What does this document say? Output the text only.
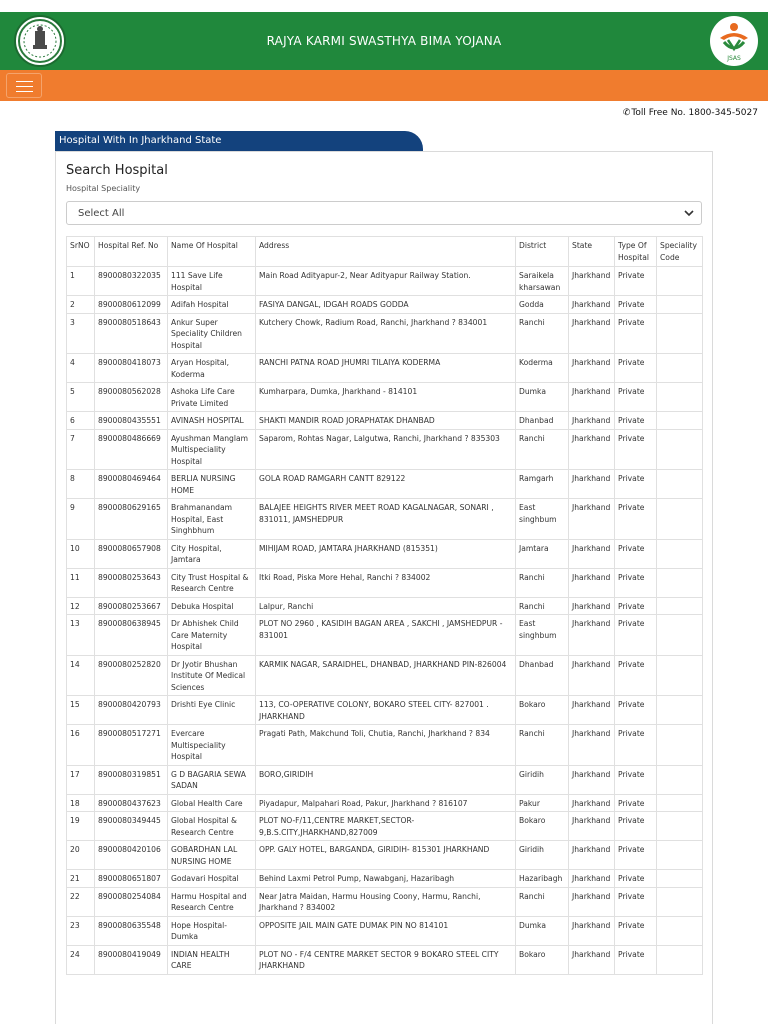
RAJYA KARMI SWASTHYA BIMA YOJANA
JSAS
✆Toll Free No. 1800-345-5027
Hospital With In Jharkhand State
Search Hospital
Hospital Speciality
Select All
SrNO	Hospital Ref. No	Name Of Hospital	Address	District	State	Type Of Hospital	Speciality Code
1	8900080322035	111 Save Life Hospital	Main Road Adityapur-2, Near Adityapur Railway Station.	Saraikela kharsawan	Jharkhand	Private	
2	8900080612099	Adifah Hospital	FASIYA DANGAL, IDGAH ROADS GODDA	Godda	Jharkhand	Private	
3	8900080518643	Ankur Super Speciality Children Hospital	Kutchery Chowk, Radium Road, Ranchi, Jharkhand ? 834001	Ranchi	Jharkhand	Private	
4	8900080418073	Aryan Hospital, Koderma	RANCHI PATNA ROAD JHUMRI TILAIYA KODERMA	Koderma	Jharkhand	Private	
5	8900080562028	Ashoka Life Care Private Limited	Kumharpara, Dumka, Jharkhand - 814101	Dumka	Jharkhand	Private	
6	8900080435551	AVINASH HOSPITAL	SHAKTI MANDIR ROAD JORAPHATAK DHANBAD	Dhanbad	Jharkhand	Private	
7	8900080486669	Ayushman Manglam Multispeciality Hospital	Saparom, Rohtas Nagar, Lalgutwa, Ranchi, Jharkhand ? 835303	Ranchi	Jharkhand	Private	
8	8900080469464	BERLIA NURSING HOME	GOLA ROAD RAMGARH CANTT 829122	Ramgarh	Jharkhand	Private	
9	8900080629165	Brahmanandam Hospital, East Singhbhum	BALAJEE HEIGHTS RIVER MEET ROAD KAGALNAGAR, SONARI , 831011, JAMSHEDPUR	East singhbum	Jharkhand	Private	
10	8900080657908	City Hospital, Jamtara	MIHIJAM ROAD, JAMTARA JHARKHAND (815351)	Jamtara	Jharkhand	Private	
11	8900080253643	City Trust Hospital & Research Centre	Itki Road, Piska More Hehal, Ranchi ? 834002	Ranchi	Jharkhand	Private	
12	8900080253667	Debuka Hospital	Lalpur, Ranchi	Ranchi	Jharkhand	Private	
13	8900080638945	Dr Abhishek Child Care Maternity Hospital	PLOT NO 2960 , KASIDIH BAGAN AREA , SAKCHI , JAMSHEDPUR - 831001	East singhbum	Jharkhand	Private	
14	8900080252820	Dr Jyotir Bhushan Institute Of Medical Sciences	KARMIK NAGAR, SARAIDHEL, DHANBAD, JHARKHAND PIN-826004	Dhanbad	Jharkhand	Private	
15	8900080420793	Drishti Eye Clinic	113, CO-OPERATIVE COLONY, BOKARO STEEL CITY- 827001 . JHARKHAND	Bokaro	Jharkhand	Private	
16	8900080517271	Evercare Multispeciality Hospital	Pragati Path, Makchund Toli, Chutia, Ranchi, Jharkhand ? 834	Ranchi	Jharkhand	Private	
17	8900080319851	G D BAGARIA SEWA SADAN	BORO,GIRIDIH	Giridih	Jharkhand	Private	
18	8900080437623	Global Health Care	Piyadapur, Malpahari Road, Pakur, Jharkhand ? 816107	Pakur	Jharkhand	Private	
19	8900080349445	Global Hospital & Research Centre	PLOT NO-F/11,CENTRE MARKET,SECTOR-9,B.S.CITY,JHARKHAND,827009	Bokaro	Jharkhand	Private	
20	8900080420106	GOBARDHAN LAL NURSING HOME	OPP. GALY HOTEL, BARGANDA, GIRIDIH- 815301 JHARKHAND	Giridih	Jharkhand	Private	
21	8900080651807	Godavari Hospital	Behind Laxmi Petrol Pump, Nawabganj, Hazaribagh	Hazaribagh	Jharkhand	Private	
22	8900080254084	Harmu Hospital and Research Centre	Near Jatra Maidan, Harmu Housing Coony, Harmu, Ranchi, Jharkhand ? 834002	Ranchi	Jharkhand	Private	
23	8900080635548	Hope Hospital-Dumka	OPPOSITE JAIL MAIN GATE DUMAK PIN NO 814101	Dumka	Jharkhand	Private	
24	8900080419049	INDIAN HEALTH CARE	PLOT NO - F/4 CENTRE MARKET SECTOR 9 BOKARO STEEL CITY JHARKHAND	Bokaro	Jharkhand	Private	
